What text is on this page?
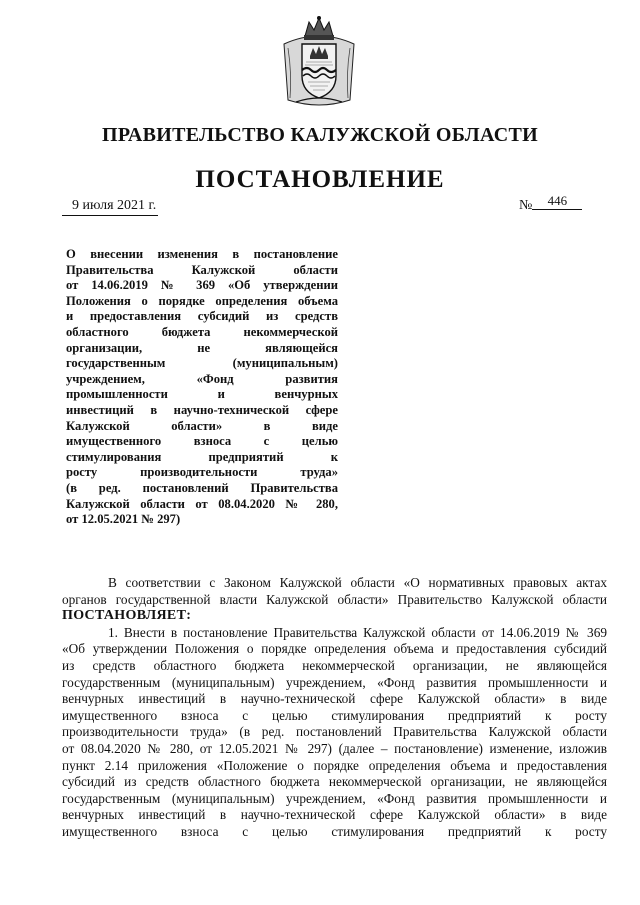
ПРАВИТЕЛЬСТВО КАЛУЖСКОЙ ОБЛАСТИ
ПОСТАНОВЛЕНИЕ
9 июля 2021 г.	№ 446
О внесении изменения в постановление
Правительства Калужской области
от 14.06.2019 № 369 «Об утверждении
Положения о порядке определения объема
и предоставления субсидий из средств
областного бюджета некоммерческой
организации, не являющейся
государственным (муниципальным)
учреждением, «Фонд развития
промышленности и венчурных
инвестиций в научно-технической сфере
Калужской области» в виде
имущественного взноса с целью
стимулирования предприятий к
росту производительности труда»
(в ред. постановлений Правительства
Калужской области от 08.04.2020 № 280,
от 12.05.2021 № 297)
В соответствии с Законом Калужской области «О нормативных правовых актах
органов государственной власти Калужской области» Правительство Калужской области
ПОСТАНОВЛЯЕТ:
1. Внести в постановление Правительства Калужской области от 14.06.2019 № 369
«Об утверждении Положения о порядке определения объема и предоставления субсидий
из средств областного бюджета некоммерческой организации, не являющейся
государственным (муниципальным) учреждением, «Фонд развития промышленности и
венчурных инвестиций в научно-технической сфере Калужской области» в виде
имущественного взноса с целью стимулирования предприятий к росту
производительности труда» (в ред. постановлений Правительства Калужской области
от 08.04.2020 № 280, от 12.05.2021 № 297) (далее – постановление) изменение, изложив
пункт 2.14 приложения «Положение о порядке определения объема и предоставления
субсидий из средств областного бюджета некоммерческой организации, не являющейся
государственным (муниципальным) учреждением, «Фонд развития промышленности и
венчурных инвестиций в научно-технической сфере Калужской области» в виде
имущественного взноса с целью стимулирования предприятий к росту
